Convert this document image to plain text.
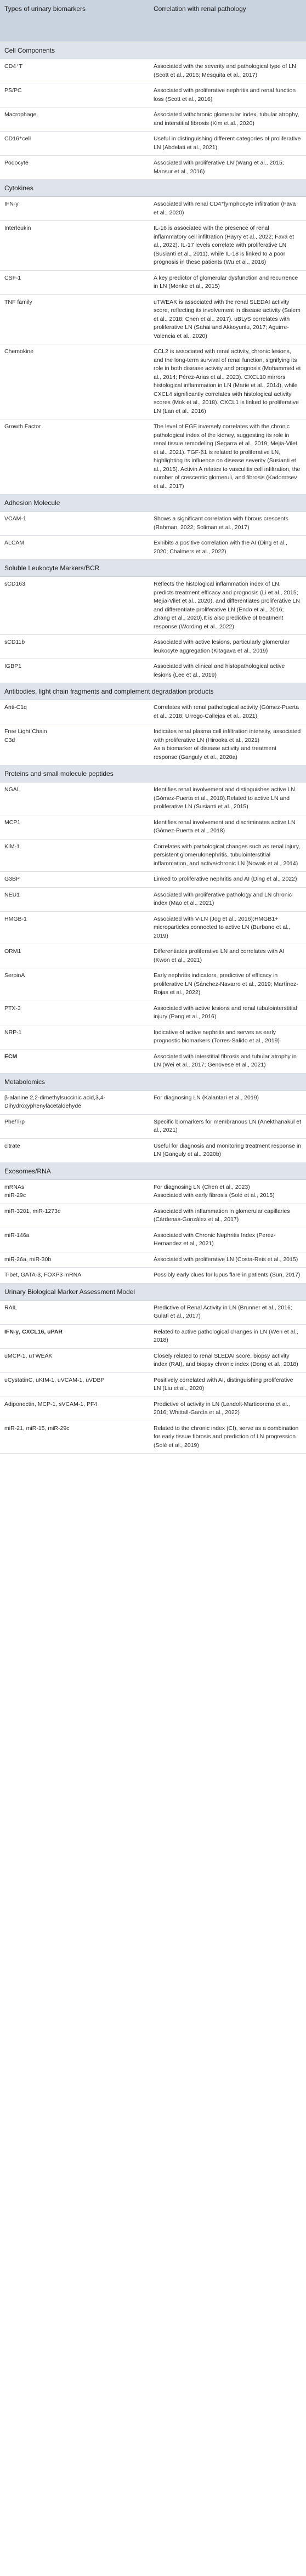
Types of urinary biomarkers	Correlation with renal pathology
Cell Components	
CD4⁺T	Associated with the severity and pathological type of LN (Scott et al., 2016; Mesquita et al., 2017)
PS/PC	Associated with proliferative nephritis and renal function loss (Scott et al., 2016)
Macrophage	Associated withchronic glomerular index, tubular atrophy, and interstitial fibrosis (Kim et al., 2020)
CD16⁺cell	Useful in distinguishing different categories of proliferative LN (Abdelati et al., 2021)
Podocyte	Associated with proliferative LN (Wang et al., 2015; Mansur et al., 2016)
Cytokines	
IFN-γ	Associated with renal CD4⁺lymphocyte infiltration (Fava et al., 2020)
Interleukin	IL-16 is associated with the presence of renal inflammatory cell infiltration (Häyry et al., 2022; Fava et al., 2022). IL-17 levels correlate with proliferative LN (Susianti et al., 2011), while IL-18 is linked to a poor prognosis in these patients (Wu et al., 2016)
CSF-1	A key predictor of glomerular dysfunction and recurrence in LN (Menke et al., 2015)
TNF family	uTWEAK is associated with the renal SLEDAI activity score, reflecting its involvement in disease activity (Salem et al., 2018; Chen et al., 2017). uBLyS correlates with proliferative LN (Sahai and Akkoyunlu, 2017; Aguirre-Valencia et al., 2020)
Chemokine	CCL2 is associated with renal activity, chronic lesions, and the long-term survival of renal function, signifying its role in both disease activity and prognosis (Mohammed et al., 2014; Pérez-Arias et al., 2023). CXCL10 mirrors histological inflammation in LN (Marie et al., 2014), while CXCL4 significantly correlates with histological activity scores (Mok et al., 2018). CXCL1 is linked to proliferative LN (Lan et al., 2016)
Growth Factor	The level of EGF inversely correlates with the chronic pathological index of the kidney, suggesting its role in renal tissue remodeling (Segarra et al., 2019; Mejia-Vilet et al., 2021). TGF-β1 is related to proliferative LN, highlighting its influence on disease severity (Susianti et al., 2015). Activin A relates to vasculitis cell infiltration, the number of crescentic glomeruli, and fibrosis (Kadomtsev et al., 2017)
Adhesion Molecule	
VCAM-1	Shows a significant correlation with fibrous crescents (Rahman, 2022; Soliman et al., 2017)
ALCAM	Exhibits a positive correlation with the AI (Ding et al., 2020; Chalmers et al., 2022)
Soluble Leukocyte Markers/BCR	
sCD163	Reflects the histological inflammation index of LN, predicts treatment efficacy and prognosis (Li et al., 2015; Mejia-Vilet et al., 2020), and differentiates proliferative LN and differentiate proliferative LN (Endo et al., 2016; Zhang et al., 2020).It is also predictive of treatment response (Wording et al., 2022)
sCD11b	Associated with active lesions, particularly glomerular leukocyte aggregation (Kitagava et al., 2019)
IGBP1	Associated with clinical and histopathological active lesions (Lee et al., 2019)
Antibodies, light chain fragments and complement degradation products	
Anti-C1q	Correlates with renal pathological activity (Gómez-Puerta et al., 2018; Urrego-Callejas et al., 2021)
Free Light Chain
C3d	Indicates renal plasma cell infiltration intensity, associated with proliferative LN (Hirooka et al., 2021)
As a biomarker of disease activity and treatment response (Ganguly et al., 2020a)
Proteins and small molecule peptides	
NGAL	Identifies renal involvement and distinguishes active LN (Gómez-Puerta et al., 2018).Related to active LN and proliferative LN (Susianti et al., 2015)
MCP1	Identifies renal involvement and discriminates active LN (Gómez-Puerta et al., 2018)
KIM-1	Correlates with pathological changes such as renal injury, persistent glomerulonephritis, tubulointerstitial inflammation, and active/chronic LN (Nowak et al., 2014)
G3BP	Linked to proliferative nephritis and AI (Ding et al., 2022)
NEU1	Associated with proliferative pathology and LN chronic index (Mao et al., 2021)
HMGB-1	Associated with V-LN (Jog et al., 2016);HMGB1+ microparticles connected to active LN (Burbano et al., 2019)
ORM1	Differentiates proliferative LN and correlates with AI (Kwon et al., 2021)
SerpinA	Early nephritis indicators, predictive of efficacy in proliferative LN (Sánchez-Navarro et al., 2019; Martínez-Rojas et al., 2022)
PTX-3	Associated with active lesions and renal tubulointerstitial injury (Pang et al., 2016)
NRP-1	Indicative of active nephritis and serves as early prognostic biomarkers (Torres-Salido et al., 2019)
ECM	Associated with interstitial fibrosis and tubular atrophy in LN (Wei et al., 2017; Genovese et al., 2021)
Metabolomics	
β-alanine 2,2-dimethylsuccinic acid,3,4-Dihydroxyphenylacetaldehyde	For diagnosing LN (Kalantari et al., 2019)
Phe/Trp	Specific biomarkers for membranous LN (Anekthanakul et al., 2021)
citrate	Useful for diagnosis and monitoring treatment response in LN (Ganguly et al., 2020b)
Exosomes/RNA	
mRNAs
miR-29c	For diagnosing LN (Chen et al., 2023)
Associated with early fibrosis (Solé et al., 2015)
miR-3201, miR-1273e	Associated with inflammation in glomerular capillaries (Cárdenas-González et al., 2017)
miR-146a	Associated with Chronic Nephritis Index (Perez-Hernandez et al., 2021)
miR-26a, miR-30b	Associated with proliferative LN (Costa-Reis et al., 2015)
T-bet, GATA-3, FOXP3 mRNA	Possibly early clues for lupus flare in patients (Sun, 2017)
Urinary Biological Marker Assessment Model	
RAIL	Predictive of Renal Activity in LN (Brunner et al., 2016; Gulati et al., 2017)
IFN-γ, CXCL16, uPAR	Related to active pathological changes in LN (Wen et al., 2018)
uMCP-1, uTWEAK	Closely related to renal SLEDAI score, biopsy activity index (RAI), and biopsy chronic index (Dong et al., 2018)
uCystatinC, uKIM-1, uVCAM-1, uVDBP	Positively correlated with AI, distinguishing proliferative LN (Liu et al., 2020)
Adiponectin, MCP-1, sVCAM-1, PF4	Predictive of activity in LN (Landolt-Marticorena et al., 2016; Whittall-García et al., 2022)
miR-21, miR-15, miR-29c	Related to the chronic index (CI), serve as a combination for early tissue fibrosis and prediction of LN progression (Solé et al., 2019)
